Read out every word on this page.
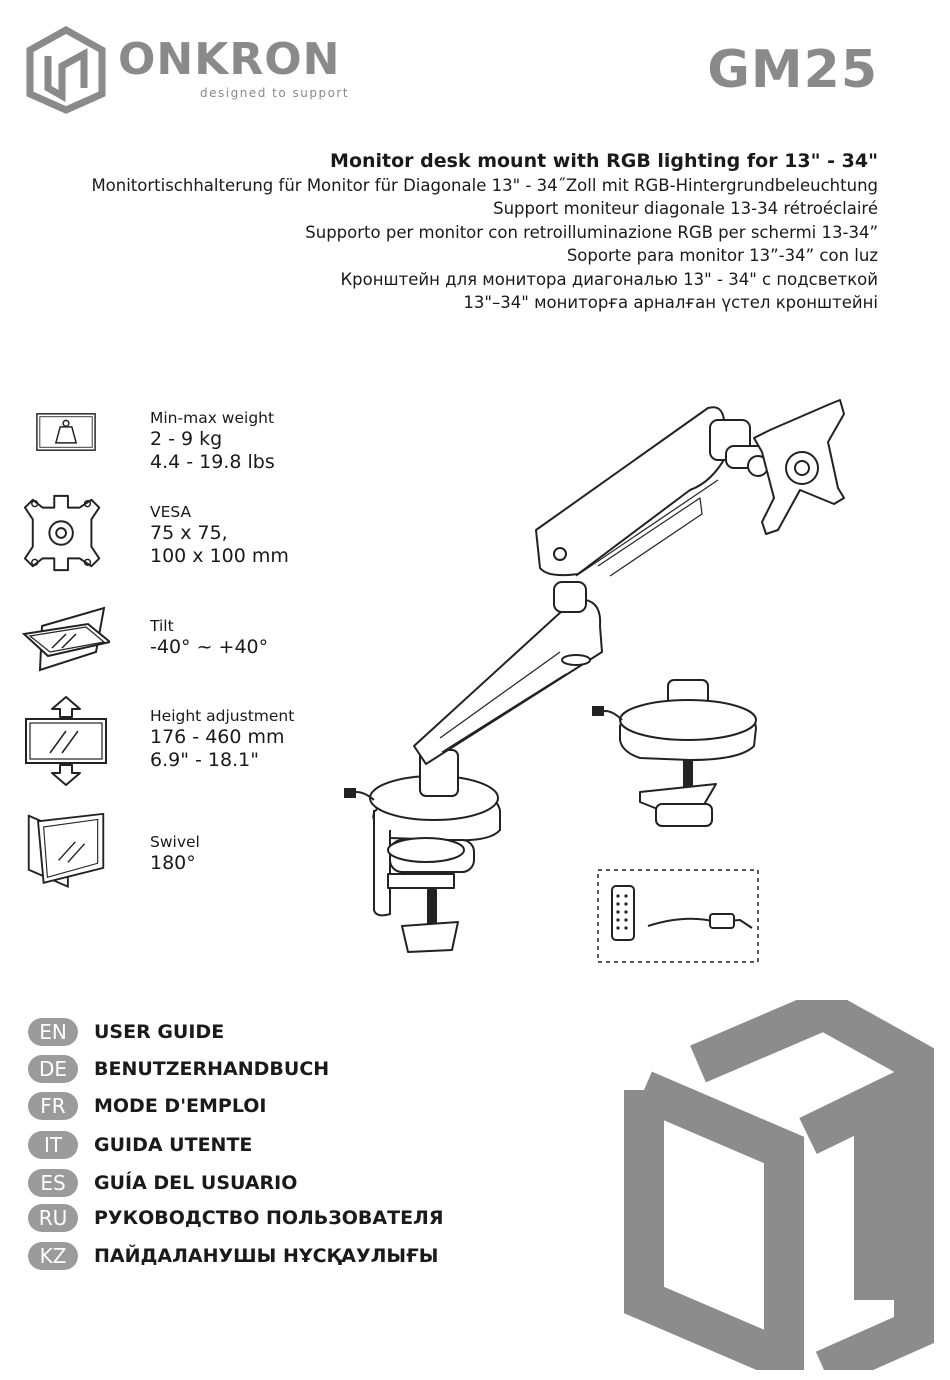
ONKRON
designed to support	GM25
Monitor desk mount with RGB lighting for 13" - 34"
Monitortischhalterung für Monitor für Diagonale 13" - 34˝Zoll mit RGB-Hintergrundbeleuchtung
Support moniteur diagonale 13-34 rétroéclairé
Supporto per monitor con retroilluminazione RGB per schermi 13-34”
Soporte para monitor 13”-34” con luz
Кронштейн для монитора диагональю 13" - 34" с подсветкой
13"–34" мониторға арналған үстел кронштейні
Min-max weight
2 - 9 kg
4.4 - 19.8 lbs
VESA
75 x 75,
100 x 100 mm
Tilt
-40° ~ +40°
Height adjustment
176 - 460 mm
6.9" - 18.1"
Swivel
180°
EN	USER GUIDE
DE	BENUTZERHANDBUCH
FR	MODE D'EMPLOI
IT	GUIDA UTENTE
ES	GUÍA DEL USUARIO
RU	РУКОВОДСТВО ПОЛЬЗОВАТЕЛЯ
KZ	ПАЙДАЛАНУШЫ НҰСҚАУЛЫҒЫ
